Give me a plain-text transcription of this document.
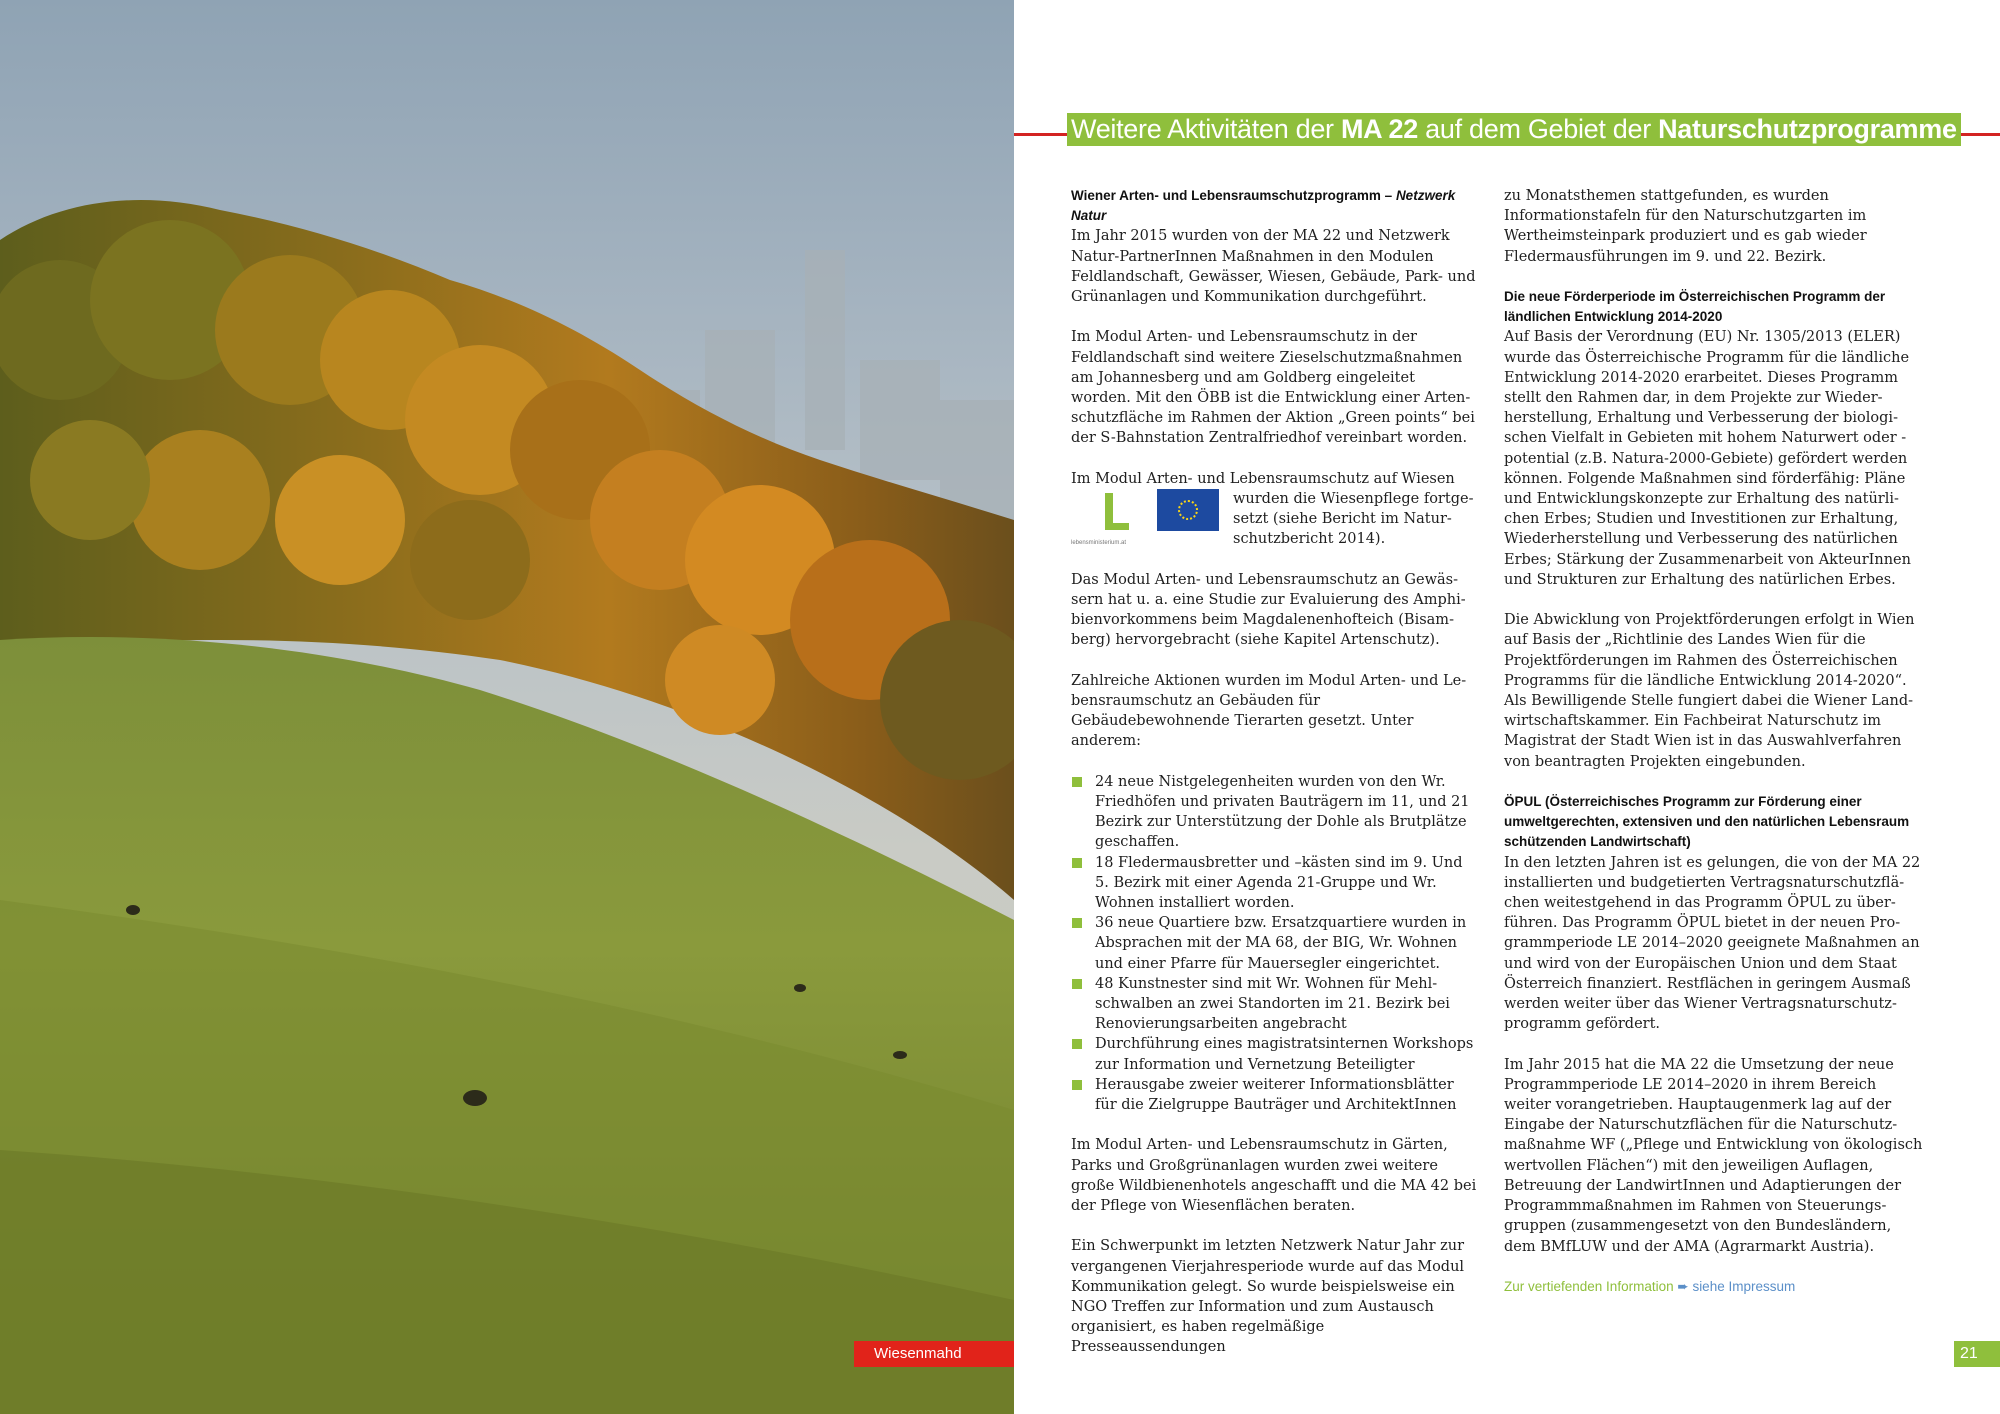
Wiesenmahd
Weitere Aktivitäten der MA 22 auf dem Gebiet der Naturschutzprogramme
Wiener Arten- und Lebensraumschutzprogramm – Netzwerk Natur

Im Jahr 2015 wurden von der MA 22 und Netzwerk Natur-PartnerInnen Maßnahmen in den Modulen Feldlandschaft, Gewässer, Wiesen, Gebäude, Park- und Grünanlagen und Kommunikation durchgeführt.

Im Modul Arten- und Lebensraumschutz in der Feldlandschaft sind weitere Zieselschutzmaßnahmen am Johannesberg und am Goldberg eingeleitet worden. Mit den ÖBB ist die Entwicklung einer Artenschutzfläche im Rahmen der Aktion „Green points“ bei der S-Bahnstation Zentralfriedhof vereinbart worden.

Im Modul Arten- und Lebensraumschutz auf Wiesen

lebensministerium.at
wurden die Wiesenpflege fortgesetzt (siehe Bericht im Naturschutzbericht 2014).

Das Modul Arten- und Lebensraumschutz an Gewässern hat u. a. eine Studie zur Evaluierung des Amphibienvorkommens beim Magdalenenhofteich (Bisamberg) hervorgebracht (siehe Kapitel Artenschutz).

Zahlreiche Aktionen wurden im Modul Arten- und Lebensraumschutz an Gebäuden für Gebäudebewohnende Tierarten gesetzt. Unter anderem:

24 neue Nistgelegenheiten wurden von den Wr. Friedhöfen und privaten Bauträgern im 11, und 21 Bezirk zur Unterstützung der Dohle als Brutplätze geschaffen.
18 Fledermausbretter und –kästen sind im 9. Und 5. Bezirk mit einer Agenda 21-Gruppe und Wr. Wohnen installiert worden.
36 neue Quartiere bzw. Ersatzquartiere wurden in Absprachen mit der MA 68, der BIG, Wr. Wohnen und einer Pfarre für Mauersegler eingerichtet.
48 Kunstnester sind mit Wr. Wohnen für Mehlschwalben an zwei Standorten im 21. Bezirk bei Renovierungsarbeiten angebracht
Durchführung eines magistratsinternen Workshops zur Information und Vernetzung Beteiligter
Herausgabe zweier weiterer Informationsblätter für die Zielgruppe Bauträger und ArchitektInnen

Im Modul Arten- und Lebensraumschutz in Gärten, Parks und Großgrünanlagen wurden zwei weitere große Wildbienenhotels angeschafft und die MA 42 bei der Pflege von Wiesenflächen beraten.

Ein Schwerpunkt im letzten Netzwerk Natur Jahr zur vergangenen Vierjahresperiode wurde auf das Modul Kommunikation gelegt. So wurde beispielsweise ein NGO Treffen zur Information und zum Austausch organisiert, es haben regelmäßige Presseaussendungen

zu Monatsthemen stattgefunden, es wurden Informationstafeln für den Naturschutzgarten im Wertheimsteinpark produziert und es gab wieder Fledermausführungen im 9. und 22. Bezirk.

Die neue Förderperiode im Österreichischen Programm der ländlichen Entwicklung 2014-2020

Auf Basis der Verordnung (EU) Nr. 1305/2013 (ELER) wurde das Österreichische Programm für die ländliche Entwicklung 2014-2020 erarbeitet. Dieses Programm stellt den Rahmen dar, in dem Projekte zur Wiederherstellung, Erhaltung und Verbesserung der biologischen Vielfalt in Gebieten mit hohem Naturwert oder -potential (z.B. Natura-2000-Gebiete) gefördert werden können. Folgende Maßnahmen sind förderfähig: Pläne und Entwicklungskonzepte zur Erhaltung des natürlichen Erbes; Studien und Investitionen zur Erhaltung, Wiederherstellung und Verbesserung des natürlichen Erbes; Stärkung der Zusammenarbeit von AkteurInnen und Strukturen zur Erhaltung des natürlichen Erbes.

Die Abwicklung von Projektförderungen erfolgt in Wien auf Basis der „Richtlinie des Landes Wien für die Projektförderungen im Rahmen des Österreichischen Programms für die ländliche Entwicklung 2014-2020“. Als Bewilligende Stelle fungiert dabei die Wiener Landwirtschaftskammer. Ein Fachbeirat Naturschutz im Magistrat der Stadt Wien ist in das Auswahlverfahren von beantragten Projekten eingebunden.

ÖPUL (Österreichisches Programm zur Förderung einer umweltgerechten, extensiven und den natürlichen Lebensraum schützenden Landwirtschaft)

In den letzten Jahren ist es gelungen, die von der MA 22 installierten und budgetierten Vertragsnaturschutzflächen weitestgehend in das Programm ÖPUL zu überführen. Das Programm ÖPUL bietet in der neuen Programmperiode LE 2014–2020 geeignete Maßnahmen an und wird von der Europäischen Union und dem Staat Österreich finanziert. Restflächen in geringem Ausmaß werden weiter über das Wiener Vertragsnaturschutzprogramm gefördert.

Im Jahr 2015 hat die MA 22 die Umsetzung der neue Programmperiode LE 2014–2020 in ihrem Bereich weiter vorangetrieben. Hauptaugenmerk lag auf der Eingabe der Naturschutzflächen für die Naturschutzmaßnahme WF („Pflege und Entwicklung von ökologisch wertvollen Flächen“) mit den jeweiligen Auflagen, Betreuung der LandwirtInnen und Adaptierungen der Programmmaßnahmen im Rahmen von Steuerungsgruppen (zusammengesetzt von den Bundesländern, dem BMfLUW und der AMA (Agrarmarkt Austria).

Zur vertiefenden Information ➨ siehe Impressum
21
